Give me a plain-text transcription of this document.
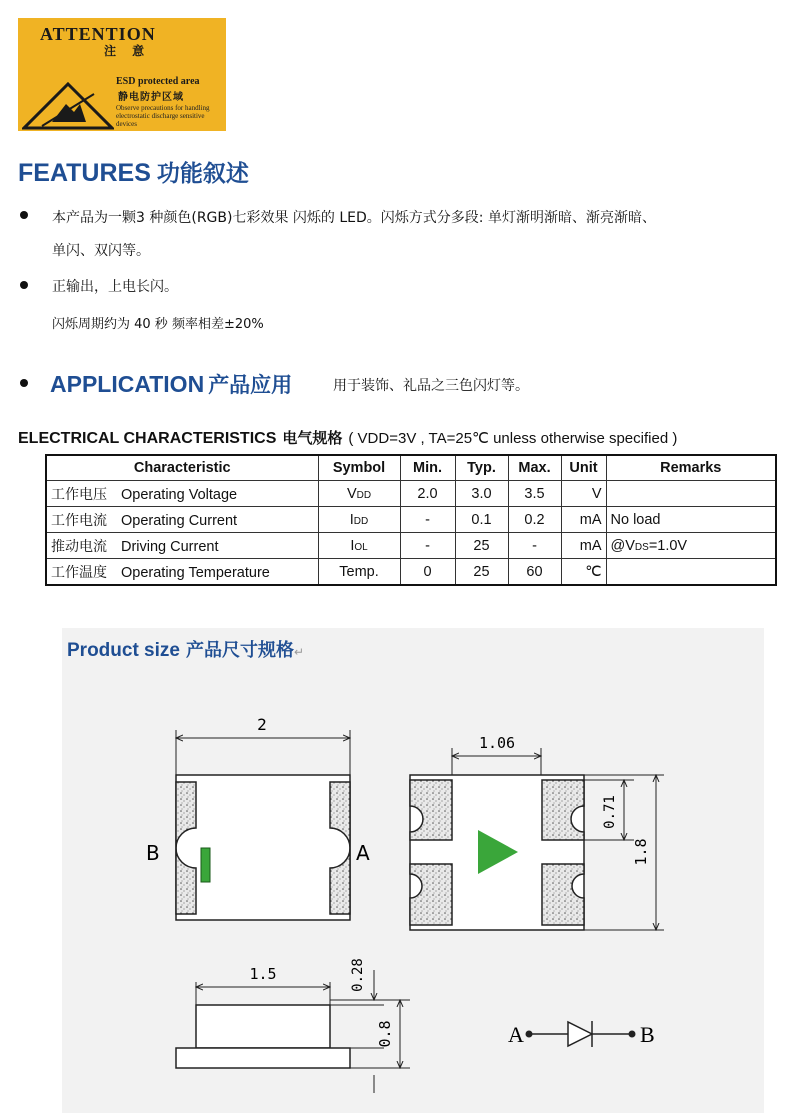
ATTENTION
注 意
ESD protected area
静电防护区域
Observe precautions for handling electrostatic discharge sensitive devices
FEATURES 功能叙述
本产品为一颗3 种颜色(RGB)七彩效果 闪烁的 LED。闪烁方式分多段: 单灯渐明渐暗、渐亮渐暗、
单闪、双闪等。
正输出，上电长闪。
闪烁周期约为 40 秒 频率相差±20%
APPLICATION 产品应用	用于装饰、礼品之三色闪灯等。
ELECTRICAL CHARACTERISTICS 电气规格 ( VDD=3V , TA=25℃ unless otherwise specified )
Characteristic	Symbol	Min.	Typ.	Max.	Unit	Remarks
工作电压 Operating Voltage	VDD	2.0	3.0	3.5	V	
工作电流 Operating Current	IDD	-	0.1	0.2	mA	No load
推动电流 Driving Current	IOL	-	25	-	mA	@VDS=1.0V
工作温度 Operating Temperature	Temp.	0	25	60	℃	
Product size 产品尺寸规格↵
2
B	A
1.06
0.71
1.8
1.5	0.28
0.8	A	B
